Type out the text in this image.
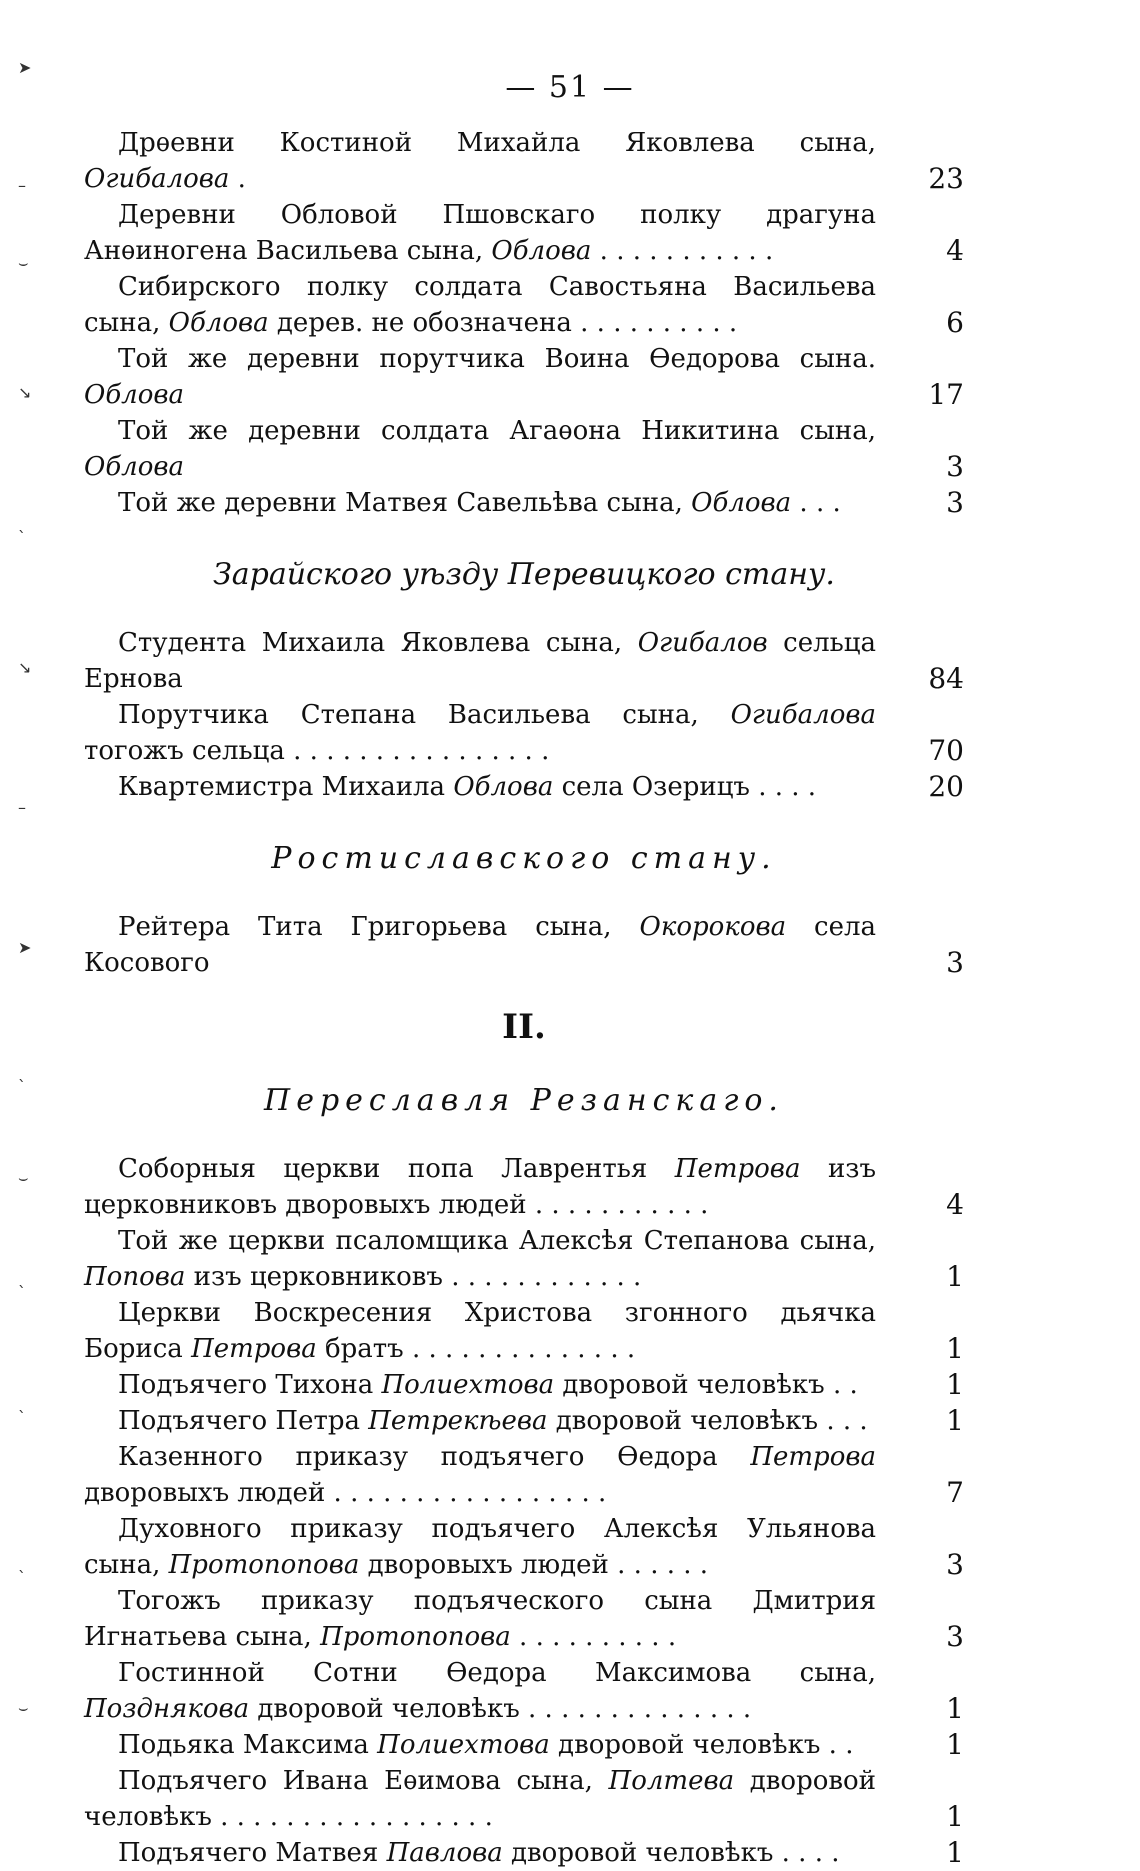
➤
–
⌣
↘
ˋ
↘
–
➤
ˎ
⌣
ˋ
ˋ
ˋ
⌣
— 51 —
Дрѳевни Костиной Михайла Яковлева сына, Огибалова .	23
Деревни Обловой Пшовскаго полку драгуна Анѳиногена Васильева сына, Облова . . . . . . . . . . .	4
Сибирского полку солдата Савостьяна Васильева сына, Облова дерев. не обозначена . . . . . . . . . .	6
Той же деревни порутчика Воина Ѳедорова сына. Облова	17
Той же деревни солдата Агаѳона Никитина сына, Облова	3
Той же деревни Матвея Савельѣва сына, Облова . . .	3
Зарайского уѣзду Перевицкого стану.
Студента Михаила Яковлева сына, Огибалов сельца Ернова	84
Порутчика Степана Васильева сына, Огибалова тогожъ сельца . . . . . . . . . . . . . . . .	70
Квартемистра Михаила Облова села Озерицъ . . . .	20
Ростиславского стану.
Рейтера Тита Григорьева сына, Окорокова села Косового	3
II.
Переславля Резанскаго.
Соборныя церкви попа Лаврентья Петрова изъ церковниковъ дворовыхъ людей . . . . . . . . . . .	4
Той же церкви псаломщика Алексѣя Степанова сына, Попова изъ церковниковъ . . . . . . . . . . . .	1
Церкви Воскресения Христова згонного дьячка Бориса Петрова братъ . . . . . . . . . . . . . .	1
Подъячего Тихона Полиехтова дворовой человѣкъ . .	1
Подъячего Петра Петрекѣева дворовой человѣкъ . . .	1
Казенного приказу подъячего Ѳедора Петрова дворовыхъ людей . . . . . . . . . . . . . . . . .	7
Духовного приказу подъячего Алексѣя Ульянова сына, Протопопова дворовыхъ людей . . . . . .	3
Тогожъ приказу подъяческого сына Дмитрия Игнатьева сына, Протопопова . . . . . . . . . .	3
Гостинной Сотни Ѳедора Максимова сына, Позднякова дворовой человѣкъ . . . . . . . . . . . . . .	1
Подьяка Максима Полиехтова дворовой человѣкъ . .	1
Подъячего Ивана Еѳимова сына, Полтева дворовой человѣкъ . . . . . . . . . . . . . . . . .	1
Подъячего Матвея Павлова дворовой человѣкъ . . . .	1
